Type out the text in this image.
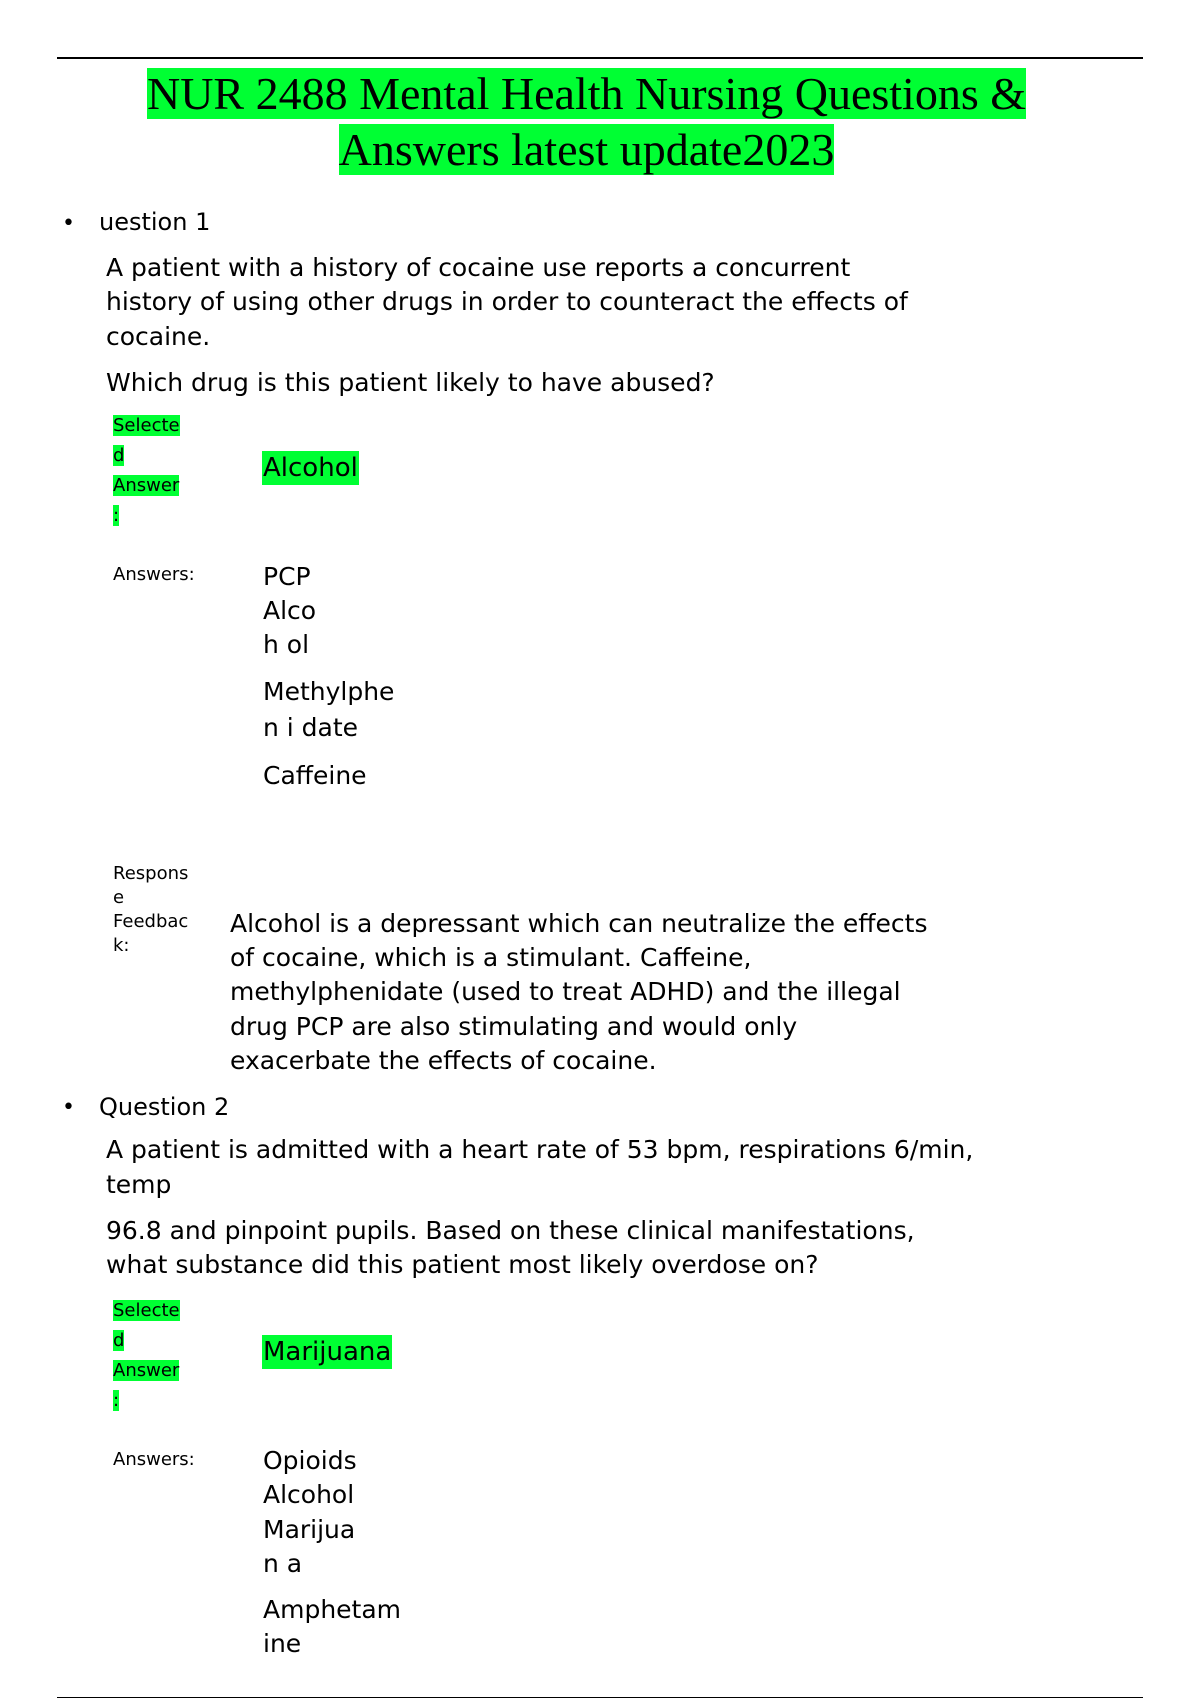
NUR 2488 Mental Health Nursing Questions &
Answers latest update2023
• uestion 1
A patient with a history of cocaine use reports a concurrent
history of using other drugs in order to counteract the effects of
cocaine.
Which drug is this patient likely to have abused?
Selecte
d
Answer
:
Alcohol
Answers:	PCP
Alco
h ol
Methylphe
n i date
Caffeine
Respons
e
Feedbac
k:
Alcohol is a depressant which can neutralize the effects
of cocaine, which is a stimulant. Caffeine,
methylphenidate (used to treat ADHD) and the illegal
drug PCP are also stimulating and would only
exacerbate the effects of cocaine.
• Question 2
A patient is admitted with a heart rate of 53 bpm, respirations 6/min,
temp
96.8 and pinpoint pupils. Based on these clinical manifestations,
what substance did this patient most likely overdose on?
Selecte
d
Answer
:
Marijuana
Answers:	Opioids
Alcohol
Marijua
n a
Amphetam
ine
